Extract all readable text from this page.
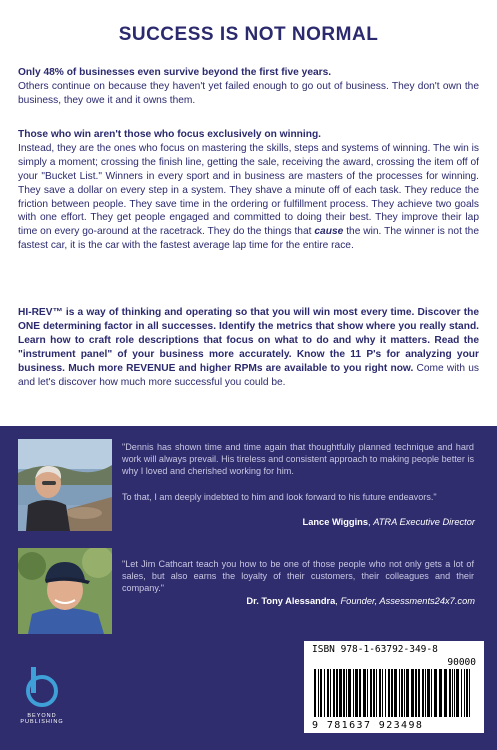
SUCCESS IS NOT NORMAL
Only 48% of businesses even survive beyond the first five years.
Others continue on because they haven't yet failed enough to go out of business. They don't own the business, they owe it and it owns them.
Those who win aren't those who focus exclusively on winning.
Instead, they are the ones who focus on mastering the skills, steps and systems of winning. The win is simply a moment; crossing the finish line, getting the sale, receiving the award, crossing the item off of your "Bucket List." Winners in every sport and in business are masters of the processes for winning. They save a dollar on every step in a system. They shave a minute off of each task. They reduce the friction between people. They save time in the ordering or fulfillment process. They achieve two goals with one effort. They get people engaged and committed to doing their best. They improve their lap time on every go-around at the racetrack. They do the things that cause the win. The winner is not the fastest car, it is the car with the fastest average lap time for the entire race.
HI-REV™ is a way of thinking and operating so that you will win most every time. Discover the ONE determining factor in all successes. Identify the metrics that show where you really stand. Learn how to craft role descriptions that focus on what to do and why it matters. Read the "instrument panel" of your business more accurately. Know the 11 P's for analyzing your business. Much more REVENUE and higher RPMs are available to you right now. Come with us and let's discover how much more successful you could be.
"Dennis has shown time and time again that thoughtfully planned technique and hard work will always prevail. His tireless and consistent approach to making people better is why I loved and cherished working for him.
To that, I am deeply indebted to him and look forward to his future endeavors."
Lance Wiggins, ATRA Executive Director
"Let Jim Cathcart teach you how to be one of those people who not only gets a lot of sales, but also earns the loyalty of their customers, their colleagues and their company."
Dr. Tony Alessandra, Founder, Assessments24x7.com
BEYOND PUBLISHING
ISBN 978-1-63792-349-8
90000
9 781637 923498
